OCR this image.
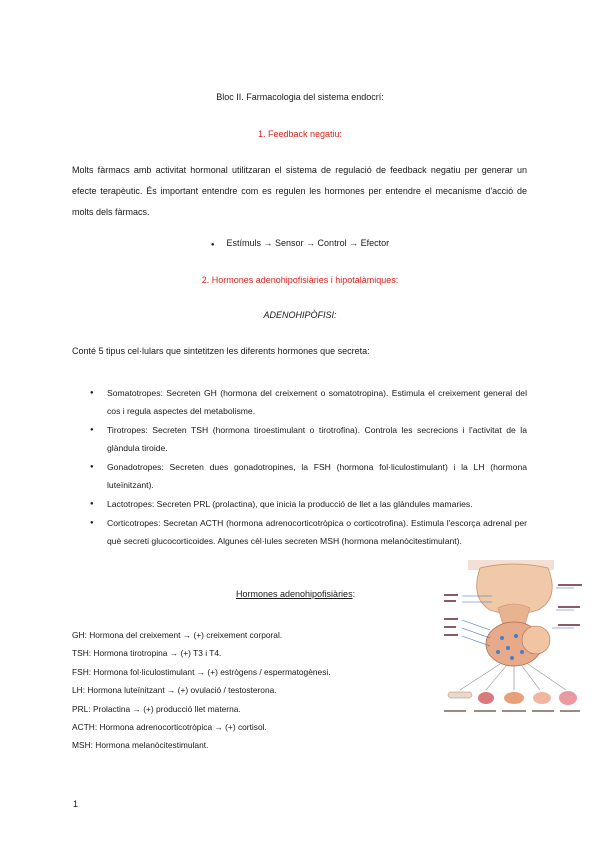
Bloc II. Farmacologia del sistema endocrí:
1. Feedback negatiu:
Molts fàrmacs amb activitat hormonal utilitzaran el sistema de regulació de feedback negatiu per generar un efecte terapèutic. És important entendre com es regulen les hormones per entendre el mecanisme d'acció de molts dels fàrmacs.
● Estímuls → Sensor → Control → Efector
2. Hormones adenohipofisiàries i hipotalàmiques:
ADENOHIPÒFISI:
Conté 5 tipus cel·lulars que sintetitzen les diferents hormones que secreta:
● Somatotropes: Secreten GH (hormona del creixement o somatotropina). Estimula el creixement general del cos i regula aspectes del metabolisme.
● Tirotropes: Secreten TSH (hormona tiroestimulant o tirotrofina). Controla les secrecions i l'activitat de la glàndula tiroide.
● Gonadotropes: Secreten dues gonadotropines, la FSH (hormona fol·liculostimulant) i la LH (hormona luteïnitzant).
● Lactotropes: Secreten PRL (prolactina), que inicia la producció de llet a las glàndules mamaries.
● Corticotropes: Secretan ACTH (hormona adrenocorticotròpica o corticotrofina). Estimula l'escorça adrenal per què secreti glucocorticoides. Algunes cèl·lules secreten MSH (hormona melanòcitestimulant).
Hormones adenohipofisiàries:
GH: Hormona del creixement → (+) creixement corporal.
TSH: Hormona tirotropina → (+) T3 i T4.
FSH: Hormona fol·liculostimulant → (+) estrògens / espermatogènesi.
LH: Hormona luteïnitzant → (+) ovulació / testosterona.
PRL: Prolactina → (+) producció llet materna.
ACTH: Hormona adrenocorticotròpica → (+) cortisol.
MSH: Hormona melanòcitestimulant.
1
